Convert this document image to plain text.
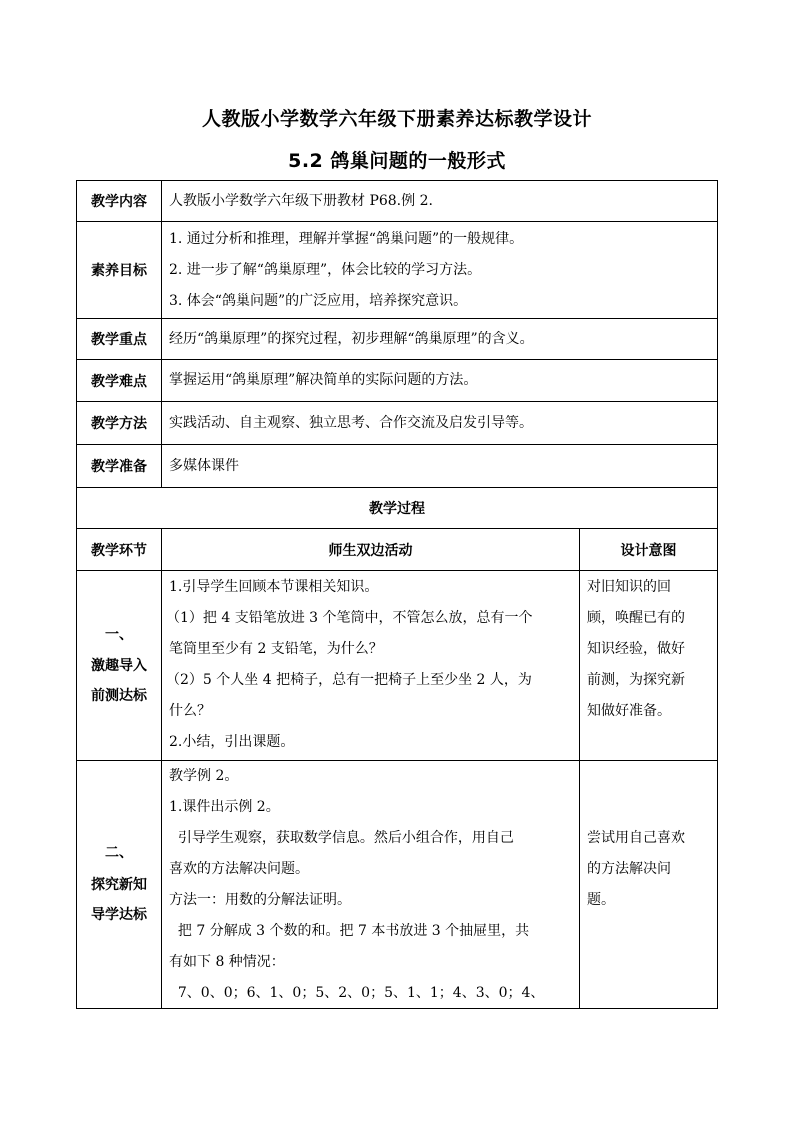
人教版小学数学六年级下册素养达标教学设计
5.2 鸽巢问题的一般形式
教学内容
素养目标
教学重点
教学难点
教学方法
教学准备
人教版小学数学六年级下册教材 P68.例 2.
1. 通过分析和推理，理解并掌握“鸽巢问题”的一般规律。
2. 进一步了解“鸽巢原理”，体会比较的学习方法。
3. 体会“鸽巢问题”的广泛应用，培养探究意识。
经历“鸽巢原理”的探究过程，初步理解“鸽巢原理”的含义。
掌握运用“鸽巢原理”解决简单的实际问题的方法。
实践活动、自主观察、独立思考、合作交流及启发引导等。
多媒体课件
教学过程
教学环节	师生双边活动	设计意图
一、
激趣导入
前测达标
1.引导学生回顾本节课相关知识。
（1）把 4 支铅笔放进 3 个笔筒中，不管怎么放，总有一个
笔筒里至少有 2 支铅笔，为什么？
（2）5 个人坐 4 把椅子，总有一把椅子上至少坐 2 人，为
什么？
2.小结，引出课题。
对旧知识的回
顾，唤醒已有的
知识经验，做好
前测，为探究新
知做好准备。
二、
探究新知
导学达标
教学例 2。
1.课件出示例 2。
引导学生观察，获取数学信息。然后小组合作，用自己
喜欢的方法解决问题。
方法一：用数的分解法证明。
把 7 分解成 3 个数的和。把 7 本书放进 3 个抽屉里，共
有如下 8 种情况：
7、0、0；6、1、0；5、2、0；5、1、1；4、3、0；4、
尝试用自己喜欢
的方法解决问
题。
